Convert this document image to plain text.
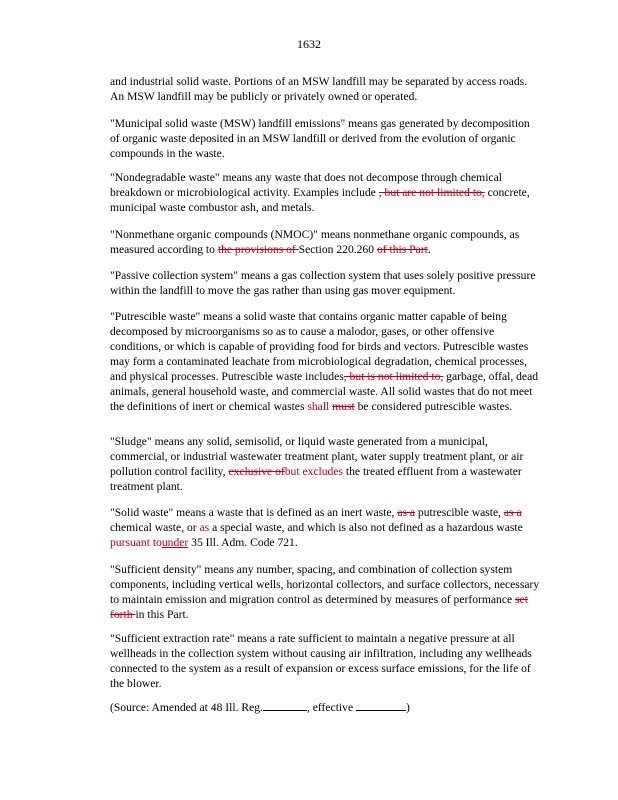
1632

and industrial solid waste. Portions of an MSW landfill may be separated by access roads. An MSW landfill may be publicly or privately owned or operated.

"Municipal solid waste (MSW) landfill emissions" means gas generated by decomposition of organic waste deposited in an MSW landfill or derived from the evolution of organic compounds in the waste.

"Nondegradable waste" means any waste that does not decompose through chemical breakdown or microbiological activity. Examples include , but are not limited to, concrete, municipal waste combustor ash, and metals.

"Nonmethane organic compounds (NMOC)" means nonmethane organic compounds, as measured according to the provisions of Section 220.260 of this Part.

"Passive collection system" means a gas collection system that uses solely positive pressure within the landfill to move the gas rather than using gas mover equipment.

"Putrescible waste" means a solid waste that contains organic matter capable of being decomposed by microorganisms so as to cause a malodor, gases, or other offensive conditions, or which is capable of providing food for birds and vectors. Putrescible wastes may form a contaminated leachate from microbiological degradation, chemical processes, and physical processes. Putrescible waste includes, but is not limited to, garbage, offal, dead animals, general household waste, and commercial waste. All solid wastes that do not meet the definitions of inert or chemical wastes shall must be considered putrescible wastes.

"Sludge" means any solid, semisolid, or liquid waste generated from a municipal, commercial, or industrial wastewater treatment plant, water supply treatment plant, or air pollution control facility, exclusive ofbut excludes the treated effluent from a wastewater treatment plant.

"Solid waste" means a waste that is defined as an inert waste, as a putrescible waste, as a chemical waste, or as a special waste, and which is also not defined as a hazardous waste pursuant tounder 35 Ill. Adm. Code 721.

"Sufficient density" means any number, spacing, and combination of collection system components, including vertical wells, horizontal collectors, and surface collectors, necessary to maintain emission and migration control as determined by measures of performance set forth in this Part.

"Sufficient extraction rate" means a rate sufficient to maintain a negative pressure at all wellheads in the collection system without causing air infiltration, including any wellheads connected to the system as a result of expansion or excess surface emissions, for the life of the blower.

(Source: Amended at 48 Ill. Reg.	, effective	)
